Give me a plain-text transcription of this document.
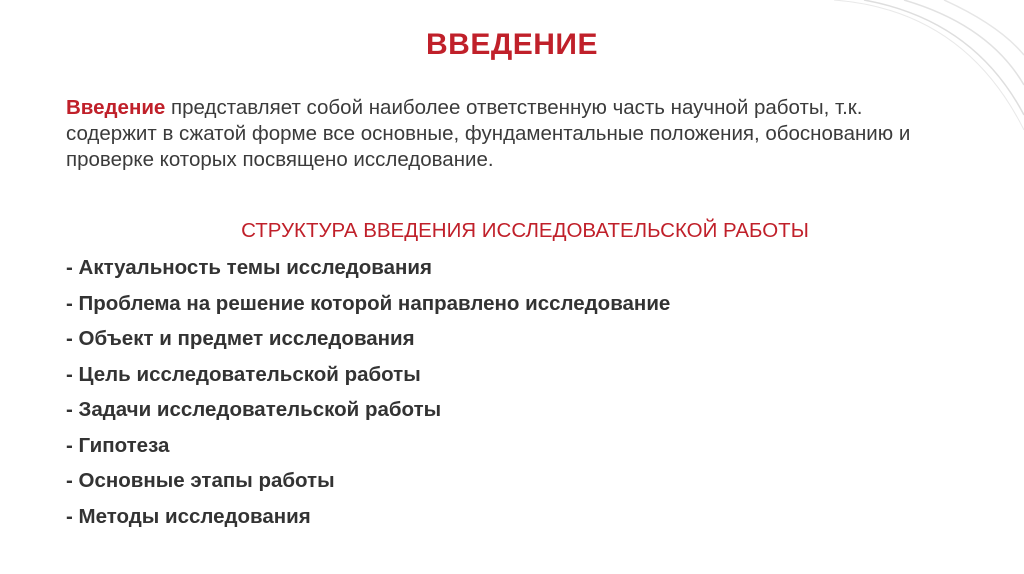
ВВЕДЕНИЕ
Введение представляет собой наиболее ответственную часть научной работы, т.к. содержит в сжатой форме все основные, фундаментальные положения, обоснованию и проверке которых посвящено исследование.
СТРУКТУРА ВВЕДЕНИЯ ИССЛЕДОВАТЕЛЬСКОЙ РАБОТЫ
- Актуальность темы исследования
- Проблема на решение которой направлено исследование
- Объект и предмет исследования
- Цель исследовательской работы
- Задачи исследовательской работы
- Гипотеза
- Основные этапы работы
- Методы исследования
